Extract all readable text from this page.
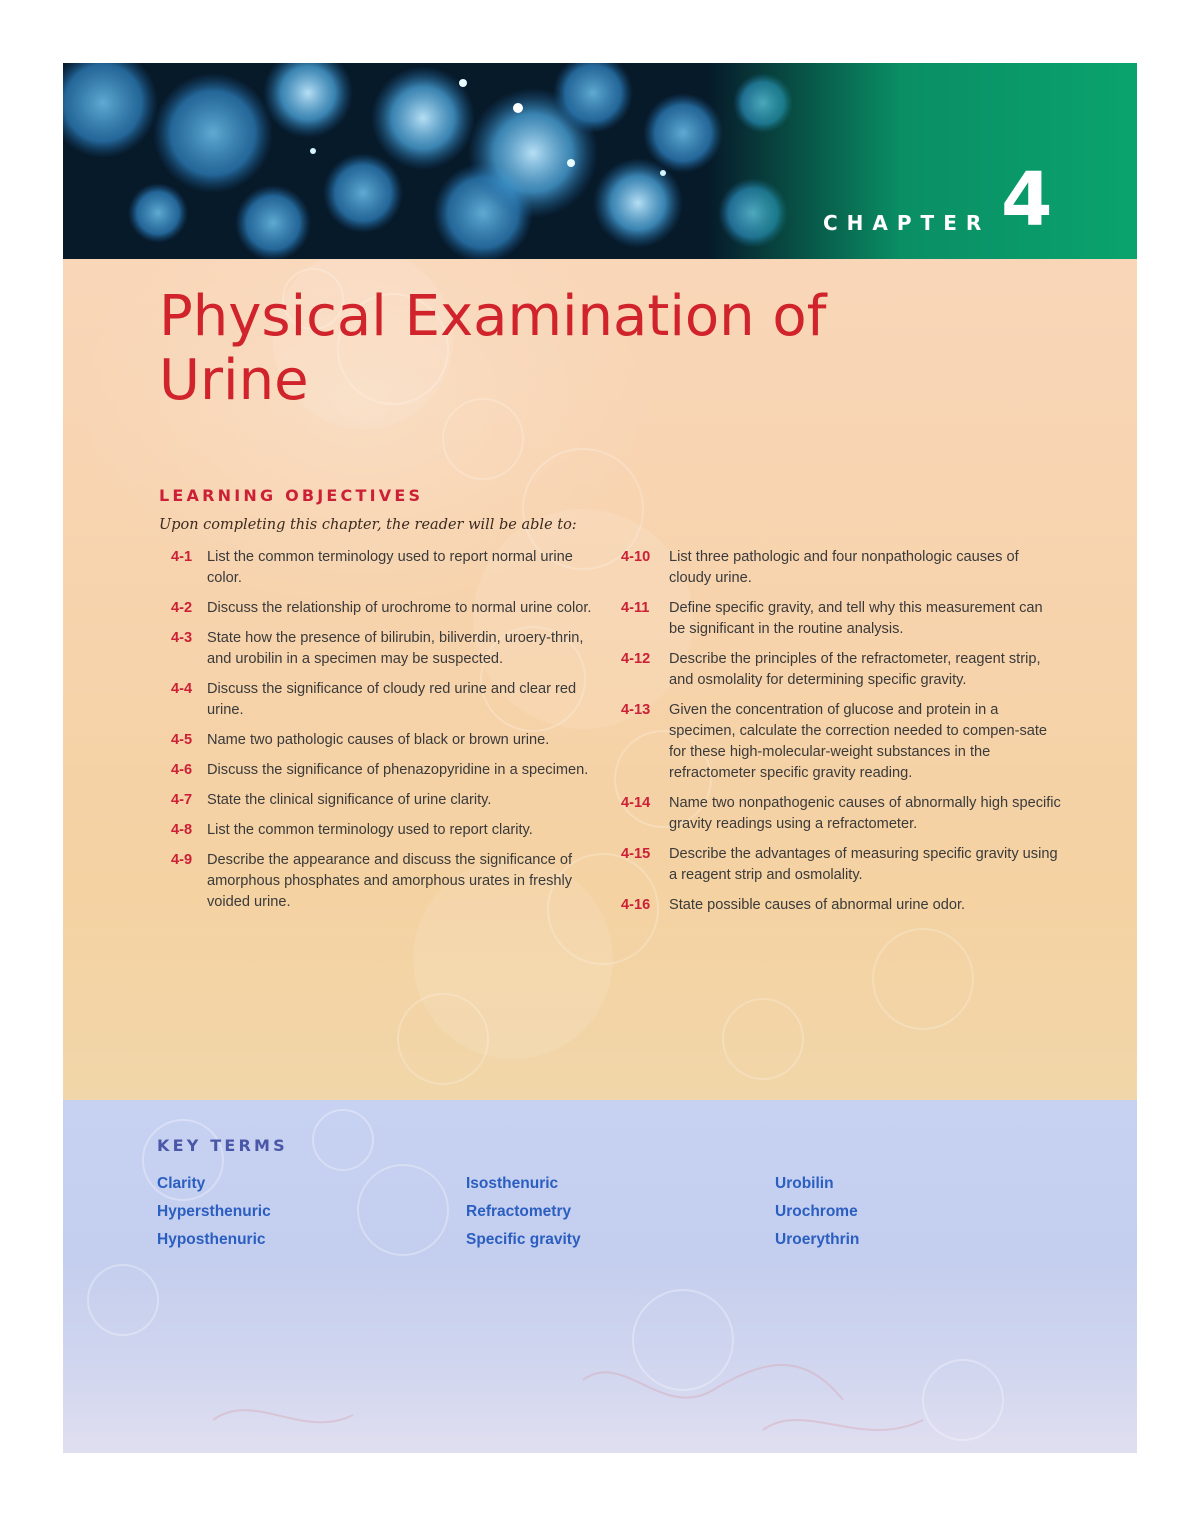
CHAPTER 4
Physical Examination of Urine
LEARNING OBJECTIVES

Upon completing this chapter, the reader will be able to:

4-1	List the common terminology used to report normal urine color.
4-2	Discuss the relationship of urochrome to normal urine color.
4-3	State how the presence of bilirubin, biliverdin, uroery-thrin, and urobilin in a specimen may be suspected.
4-4	Discuss the significance of cloudy red urine and clear red urine.
4-5	Name two pathologic causes of black or brown urine.
4-6	Discuss the significance of phenazopyridine in a specimen.
4-7	State the clinical significance of urine clarity.
4-8	List the common terminology used to report clarity.
4-9	Describe the appearance and discuss the significance of amorphous phosphates and amorphous urates in freshly voided urine.
4-10	List three pathologic and four nonpathologic causes of cloudy urine.
4-11	Define specific gravity, and tell why this measurement can be significant in the routine analysis.
4-12	Describe the principles of the refractometer, reagent strip, and osmolality for determining specific gravity.
4-13	Given the concentration of glucose and protein in a specimen, calculate the correction needed to compen-sate for these high-molecular-weight substances in the refractometer specific gravity reading.
4-14	Name two nonpathogenic causes of abnormally high specific gravity readings using a refractometer.
4-15	Describe the advantages of measuring specific gravity using a reagent strip and osmolality.
4-16	State possible causes of abnormal urine odor.
KEY TERMS
Clarity
Hypersthenuric
Hyposthenuric
Isosthenuric
Refractometry
Specific gravity
Urobilin
Urochrome
Uroerythrin
